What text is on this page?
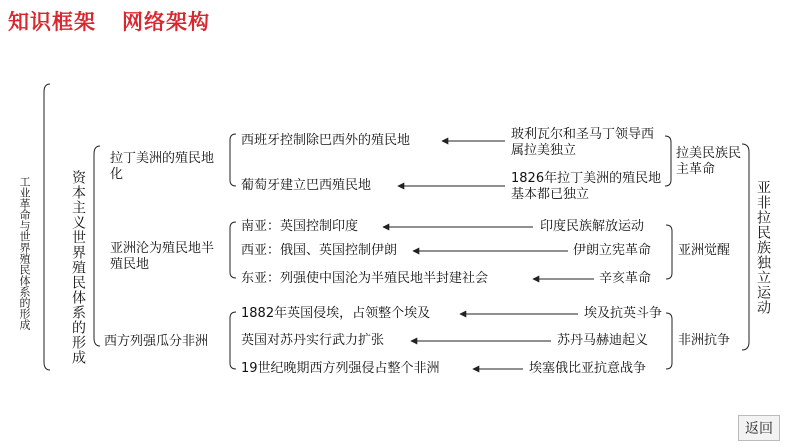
知识框架 网络架构
工业革命与世界殖民体系的形成	资本主义世界殖民体系的形成
拉丁美洲的殖民地化
亚洲沦为殖民地半殖民地
西方列强瓜分非洲
西班牙控制除巴西外的殖民地
葡萄牙建立巴西殖民地
南亚：英国控制印度
西亚：俄国、英国控制伊朗
东亚：列强使中国沦为半殖民地半封建社会
1882年英国侵埃，占领整个埃及
英国对苏丹实行武力扩张
19世纪晚期西方列强侵占整个非洲
玻利瓦尔和圣马丁领导西属拉美独立
1826年拉丁美洲的殖民地基本都已独立
印度民族解放运动
伊朗立宪革命
辛亥革命
埃及抗英斗争
苏丹马赫迪起义
埃塞俄比亚抗意战争
拉美民族民主革命
亚洲觉醒
非洲抗争
亚非拉民族独立运动
返回
